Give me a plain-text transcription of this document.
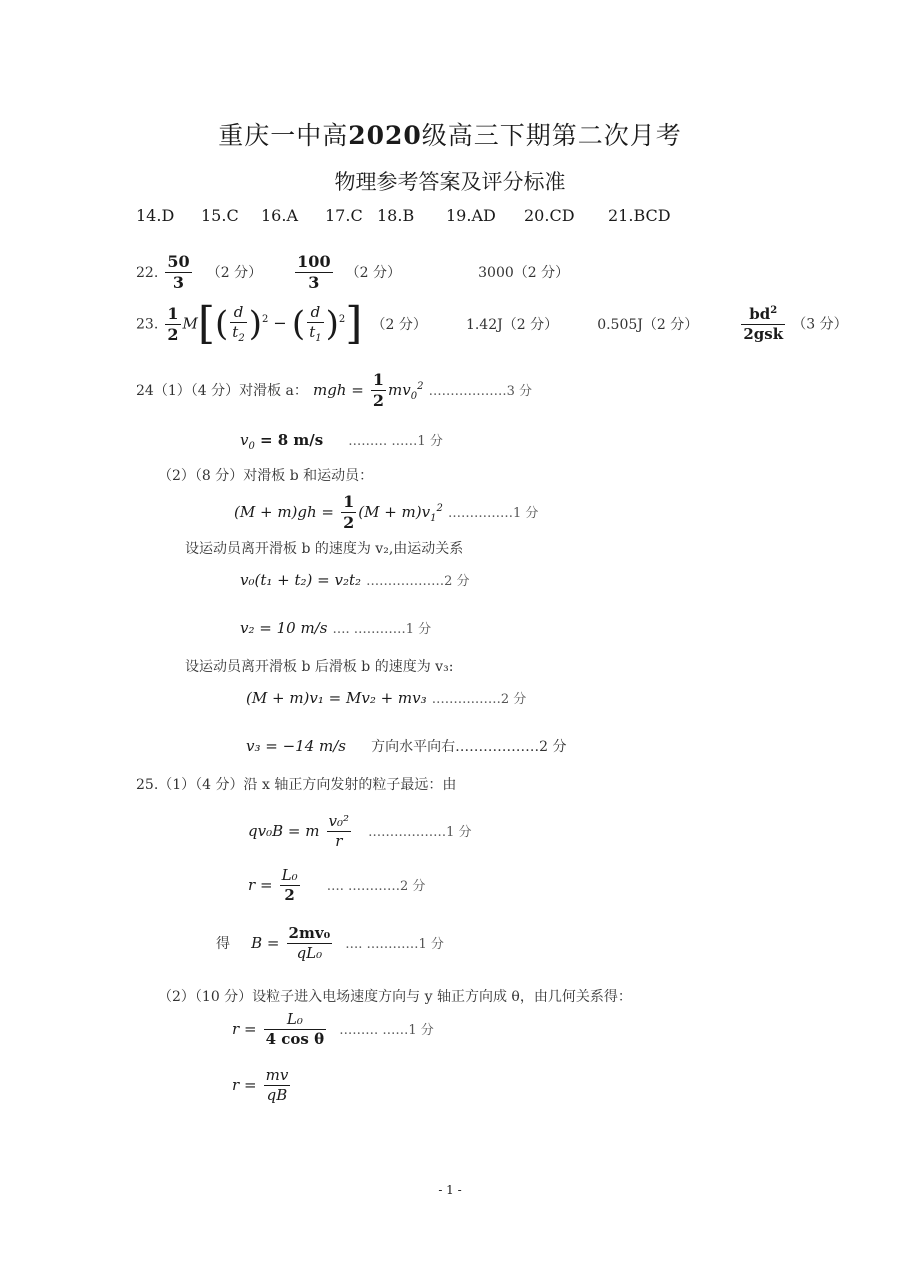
重庆一中高2020级高三下期第二次月考
物理参考答案及评分标准
14.D 15.C 16.A 17.C 18.B 19.AD 20.CD 21.BCD
22. $\frac{50}{3} (2$ 分） $\frac{100}{3} (2$ 分）	3000（2 分）
23. $\frac{1}{2} M[( \frac{d}{t_2} )^2$ − ( $\frac{d}{t_1} )^2$] （2 分）	1.42J（2 分）	0.505J（2 分）	$\frac{bd^2}{\text{2gsk}} (3$ 分）
24（1）（4 分）对滑板 a： mgh = $\frac{1}{2} mv_0^2$ ………………3 分
$v_0 = 8$ m/s ……… ……1 分
（2）（8 分）对滑板 b 和运动员：
$(M + m)gh = \frac{1}{2} (M + m)v_1^2$ ……………1 分
设运动员离开滑板 b 的速度为 v₂,由运动关系
v₀(t₁ + t₂) = v₂t₂ ………………2 分
v₂ = 10 m/s …. …………1 分
设运动员离开滑板 b 后滑板 b 的速度为 v₃:
(M + m)v₁ = Mv₂ + mv₃ ……….……2 分
v₃ = −14 m/s 方向水平向右………………2 分
25.（1）（4 分）沿 x 轴正方向发射的粒子最远：由
qv₀B = m $\frac{\text{v₀²}}{r}$ ………………1 分
$r = \frac{\text{L₀}}{2}$ …. …………2 分
得 $B = \frac{\text{2mv₀}}{\text{qL₀}}$ …. …………1 分
（2）（10 分）设粒子进入电场速度方向与 y 轴正方向成 θ，由几何关系得：
$r = \frac{\text{L₀}}{\text{4 cos θ}}$ ……… ……1 分
$r = \frac{mv}{qB}$
- 1 -
